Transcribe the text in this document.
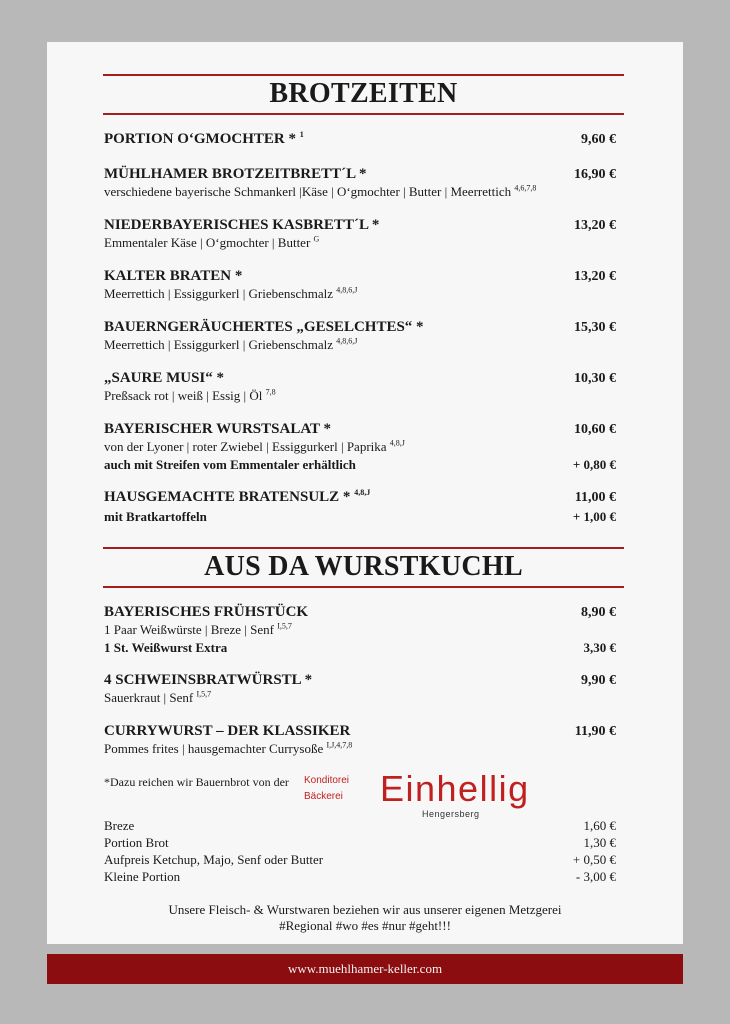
BROTZEITEN
PORTION O‘GMOCHTER * $^1$	9,60 €
MÜHLHAMER BROTZEITBRETT´L *	16,90 €
verschiedene bayerische Schmankerl |Käse | O‘gmochter | Butter | Meerrettich $^{4,6,7,8}$
NIEDERBAYERISCHES KASBRETT´L *	13,20 €
Emmentaler Käse | O‘gmochter | Butter $^G$
KALTER BRATEN *	13,20 €
Meerrettich | Essiggurkerl | Griebenschmalz $^{4,8,6,J}$
BAUERNGERÄUCHERTES „GESELCHTES“ *	15,30 €
Meerrettich | Essiggurkerl | Griebenschmalz $^{4,8,6,J}$
„SAURE MUSI“ *	10,30 €
Preßsack rot | weiß | Essig | Öl $^{7,8}$
BAYERISCHER WURSTSALAT *	10,60 €
von der Lyoner | roter Zwiebel | Essiggurkerl | Paprika $^{4,8,J}$
auch mit Streifen vom Emmentaler erhältlich	+ 0,80 €
HAUSGEMACHTE BRATENSULZ * $^{4,8,J}$	11,00 €
mit Bratkartoffeln	+ 1,00 €
AUS DA WURSTKUCHL
BAYERISCHES FRÜHSTÜCK	8,90 €
1 Paar Weißwürste | Breze | Senf $^{I,5,7}$
1 St. Weißwurst Extra	3,30 €
4 SCHWEINSBRATWÜRSTL *	9,90 €
Sauerkraut | Senf $^{I,5,7}$
CURRYWURST – DER KLASSIKER	11,90 €
Pommes frites | hausgemachter Currysoße $^{I,J,4,7,8}$
*Dazu reichen wir Bauernbrot von der Konditorei
Bäckerei Einhellig
Hengersberg
Breze	1,60 €
Portion Brot	1,30 €
Aufpreis Ketchup, Majo, Senf oder Butter	+ 0,50 €
Kleine Portion	- 3,00 €
Unsere Fleisch- & Wurstwaren beziehen wir aus unserer eigenen Metzgerei
#Regional #wo #es #nur #geht!!!
www.muehlhamer-keller.com
